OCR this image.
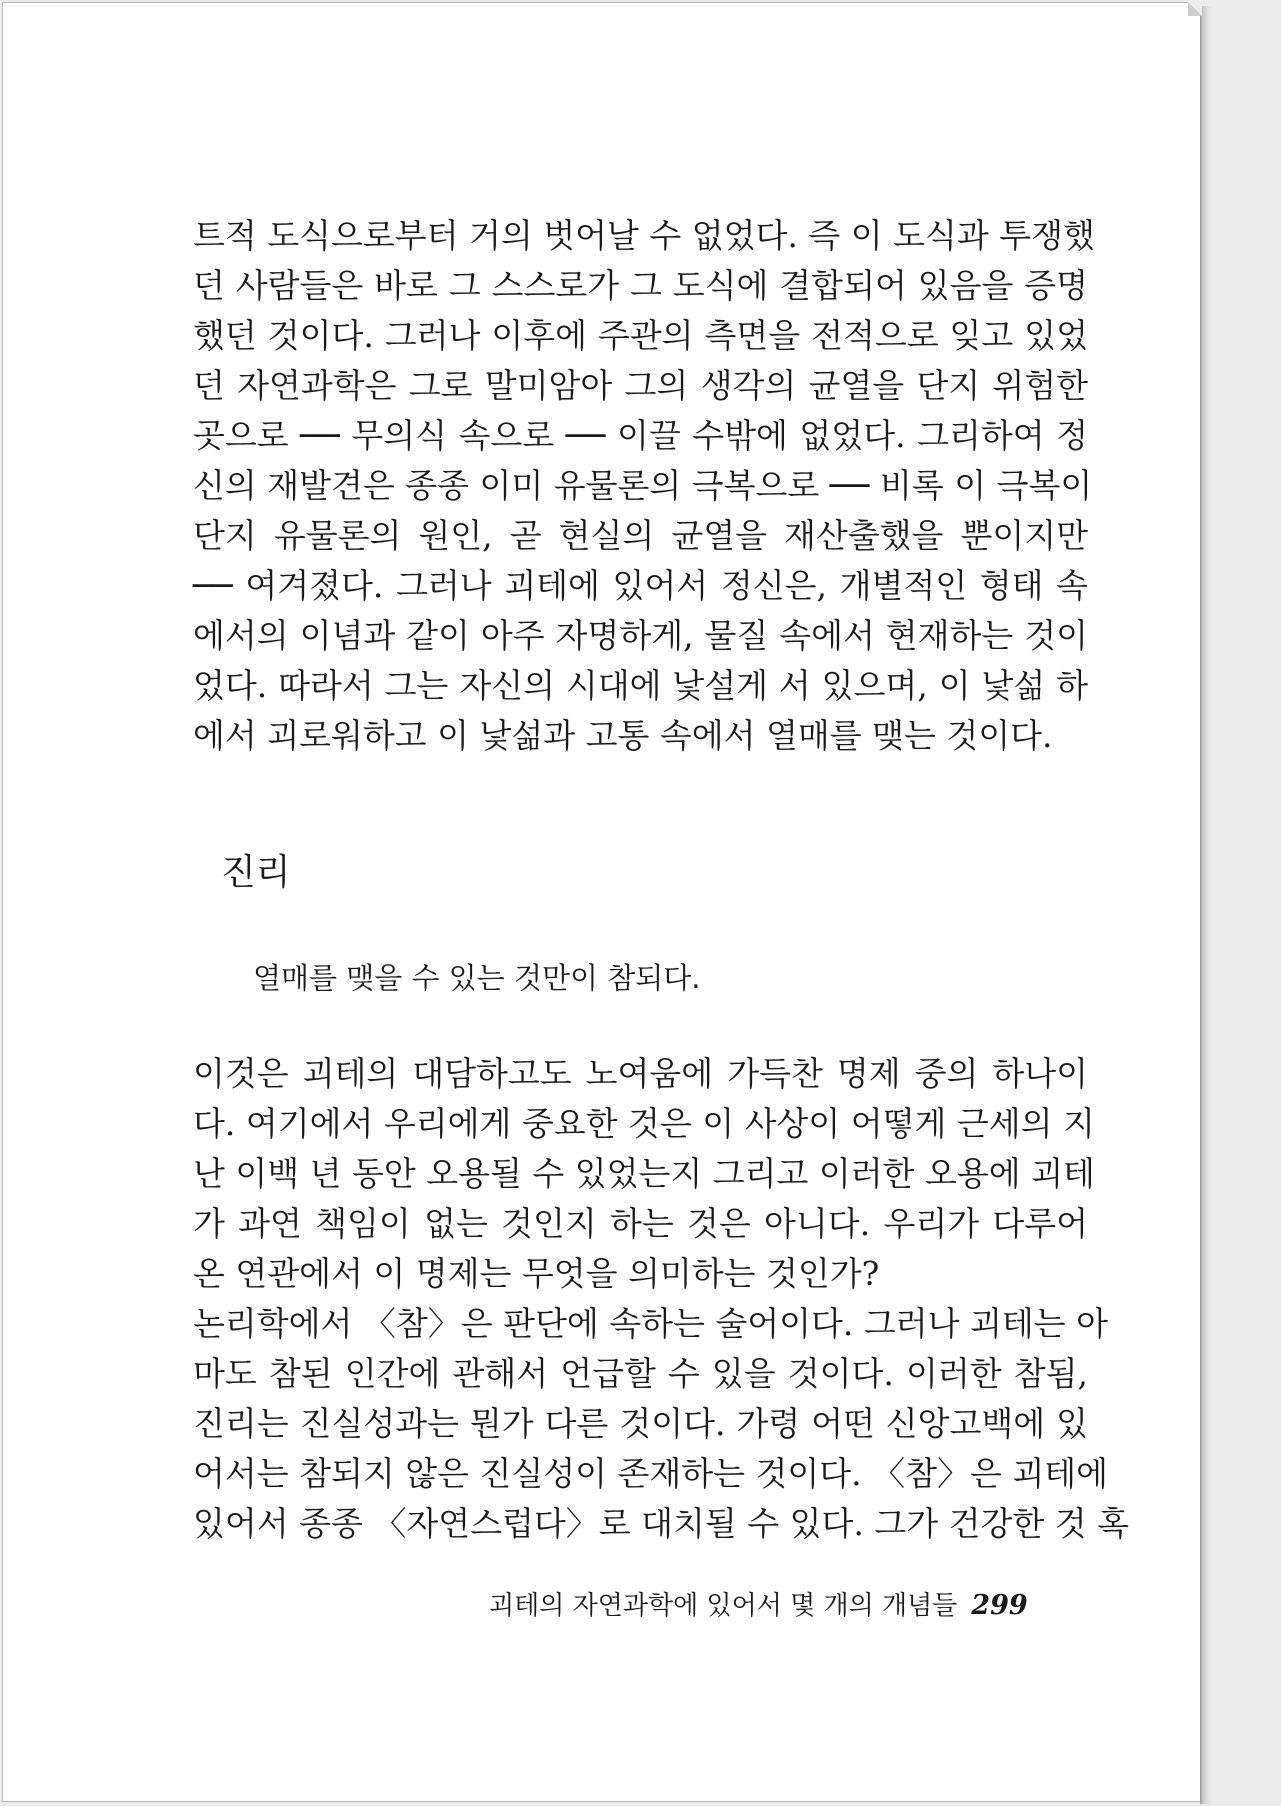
트적 도식으로부터 거의 벗어날 수 없었다. 즉 이 도식과 투쟁했
던 사람들은 바로 그 스스로가 그 도식에 결합되어 있음을 증명
했던 것이다. 그러나 이후에 주관의 측면을 전적으로 잊고 있었
던 자연과학은 그로 말미암아 그의 생각의 균열을 단지 위험한
곳으로 ── 무의식 속으로 ── 이끌 수밖에 없었다. 그리하여 정
신의 재발견은 종종 이미 유물론의 극복으로 ── 비록 이 극복이
단지 유물론의 원인, 곧 현실의 균열을 재산출했을 뿐이지만
── 여겨졌다. 그러나 괴테에 있어서 정신은, 개별적인 형태 속
에서의 이념과 같이 아주 자명하게, 물질 속에서 현재하는 것이
었다. 따라서 그는 자신의 시대에 낯설게 서 있으며, 이 낯섦 하
에서 괴로워하고 이 낯섦과 고통 속에서 열매를 맺는 것이다.
진리

열매를 맺을 수 있는 것만이 참되다.

이것은 괴테의 대담하고도 노여움에 가득찬 명제 중의 하나이
다. 여기에서 우리에게 중요한 것은 이 사상이 어떻게 근세의 지
난 이백 년 동안 오용될 수 있었는지 그리고 이러한 오용에 괴테
가 과연 책임이 없는 것인지 하는 것은 아니다. 우리가 다루어
온 연관에서 이 명제는 무엇을 의미하는 것인가?
논리학에서 〈참〉은 판단에 속하는 술어이다. 그러나 괴테는 아
마도 참된 인간에 관해서 언급할 수 있을 것이다. 이러한 참됨,
진리는 진실성과는 뭔가 다른 것이다. 가령 어떤 신앙고백에 있
어서는 참되지 않은 진실성이 존재하는 것이다. 〈참〉은 괴테에
있어서 종종 〈자연스럽다〉로 대치될 수 있다. 그가 건강한 것 혹
괴테의 자연과학에 있어서 몇 개의 개념들 299
